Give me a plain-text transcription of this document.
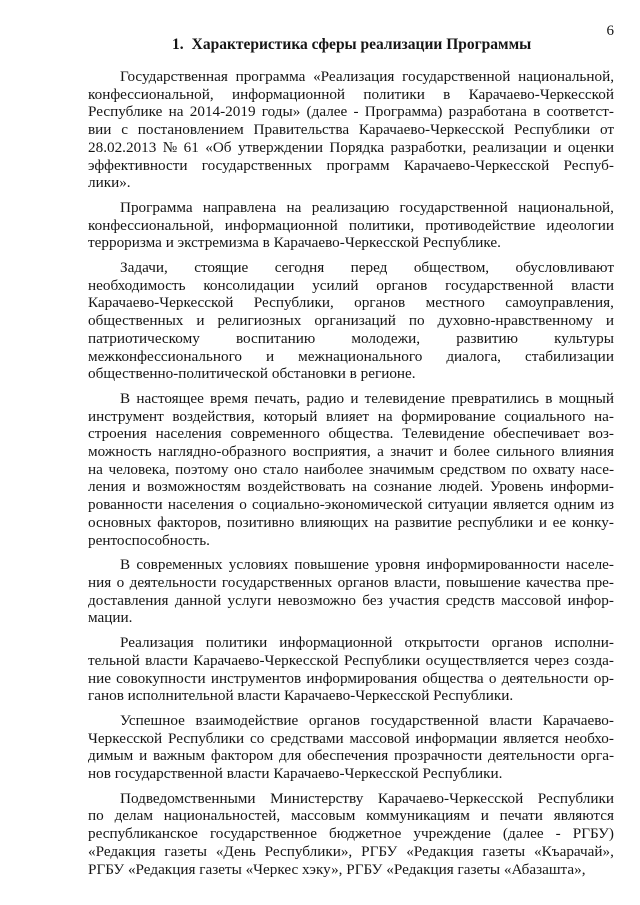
6
1. Характеристика сферы реализации Программы
Государственная программа «Реализация государственной национальной,
конфессиональной, информационной политики в Карачаево-Черкесской
Республике на 2014-2019 годы» (далее - Программа) разработана в соответст-
вии с постановлением Правительства Карачаево-Черкесской Республики от
28.02.2013 № 61 «Об утверждении Порядка разработки, реализации и оценки
эффективности государственных программ Карачаево-Черкесской Респуб-
лики».
Программа направлена на реализацию государственной национальной,
конфессиональной, информационной политики, противодействие идеологии
терроризма и экстремизма в Карачаево-Черкесской Республике.
Задачи, стоящие сегодня перед обществом, обусловливают
необходимость консолидации усилий органов государственной власти
Карачаево-Черкесской Республики, органов местного самоуправления,
общественных и религиозных организаций по духовно-нравственному и
патриотическому воспитанию молодежи, развитию культуры
межконфессионального и межнационального диалога, стабилизации
общественно-политической обстановки в регионе.
В настоящее время печать, радио и телевидение превратились в мощный
инструмент воздействия, который влияет на формирование социального на-
строения населения современного общества. Телевидение обеспечивает воз-
можность наглядно-образного восприятия, а значит и более сильного влияния
на человека, поэтому оно стало наиболее значимым средством по охвату насе-
ления и возможностям воздействовать на сознание людей. Уровень информи-
рованности населения о социально-экономической ситуации является одним из
основных факторов, позитивно влияющих на развитие республики и ее конку-
рентоспособность.
В современных условиях повышение уровня информированности населе-
ния о деятельности государственных органов власти, повышение качества пре-
доставления данной услуги невозможно без участия средств массовой инфор-
мации.
Реализация политики информационной открытости органов исполни-
тельной власти Карачаево-Черкесской Республики осуществляется через созда-
ние совокупности инструментов информирования общества о деятельности ор-
ганов исполнительной власти Карачаево-Черкесской Республики.
Успешное взаимодействие органов государственной власти Карачаево-
Черкесской Республики со средствами массовой информации является необхо-
димым и важным фактором для обеспечения прозрачности деятельности орга-
нов государственной власти Карачаево-Черкесской Республики.
Подведомственными Министерству Карачаево-Черкесской Республики
по делам национальностей, массовым коммуникациям и печати являются
республиканское государственное бюджетное учреждение (далее - РГБУ)
«Редакция газеты «День Республики», РГБУ «Редакция газеты «Къарачай»,
РГБУ «Редакция газеты «Черкес хэку», РГБУ «Редакция газеты «Абазашта»,
